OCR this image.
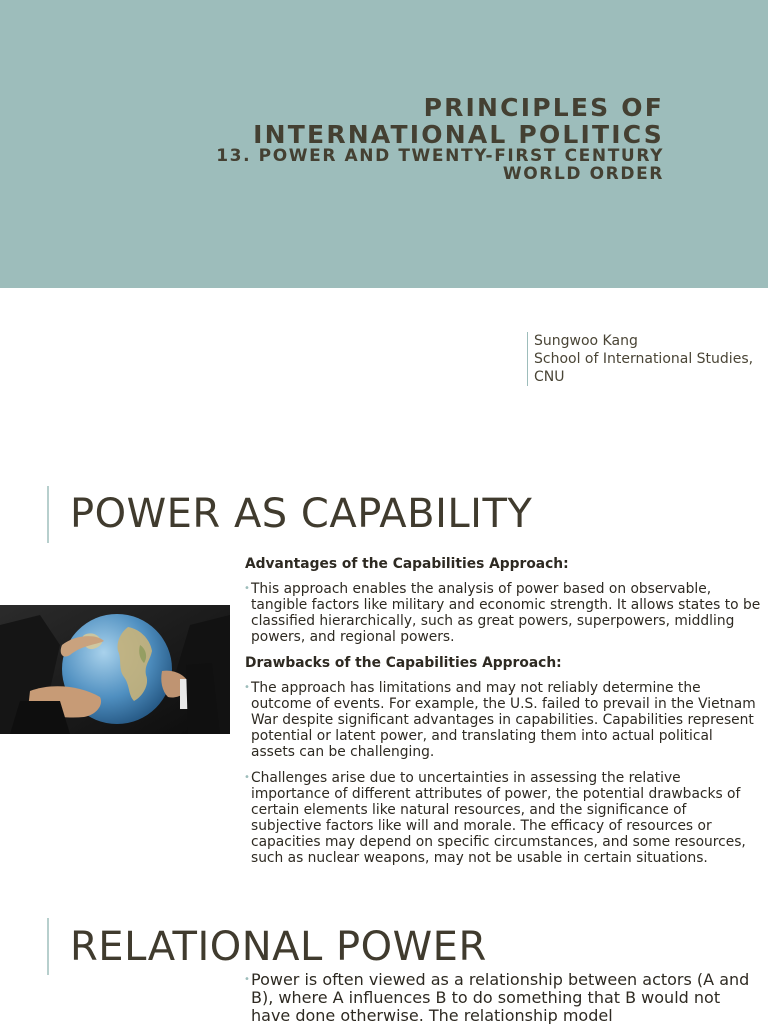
PRINCIPLES OF
INTERNATIONAL POLITICS
13. POWER AND TWENTY-FIRST CENTURY
WORLD ORDER
Sungwoo Kang
School of International Studies,
CNU
POWER AS CAPABILITY

Advantages of the Capabilities Approach:

• This approach enables the analysis of power based on observable, tangible factors like military and economic strength. It allows states to be classified hierarchically, such as great powers, superpowers, middling powers, and regional powers.

Drawbacks of the Capabilities Approach:

• The approach has limitations and may not reliably determine the outcome of events. For example, the U.S. failed to prevail in the Vietnam War despite significant advantages in capabilities. Capabilities represent potential or latent power, and translating them into actual political assets can be challenging.

• Challenges arise due to uncertainties in assessing the relative importance of different attributes of power, the potential drawbacks of certain elements like natural resources, and the significance of subjective factors like will and morale. The efficacy of resources or capacities may depend on specific circumstances, and some resources, such as nuclear weapons, may not be usable in certain situations.

RELATIONAL POWER

• Power is often viewed as a relationship between actors (A and B), where A influences B to do something that B would not have done otherwise. The relationship model
